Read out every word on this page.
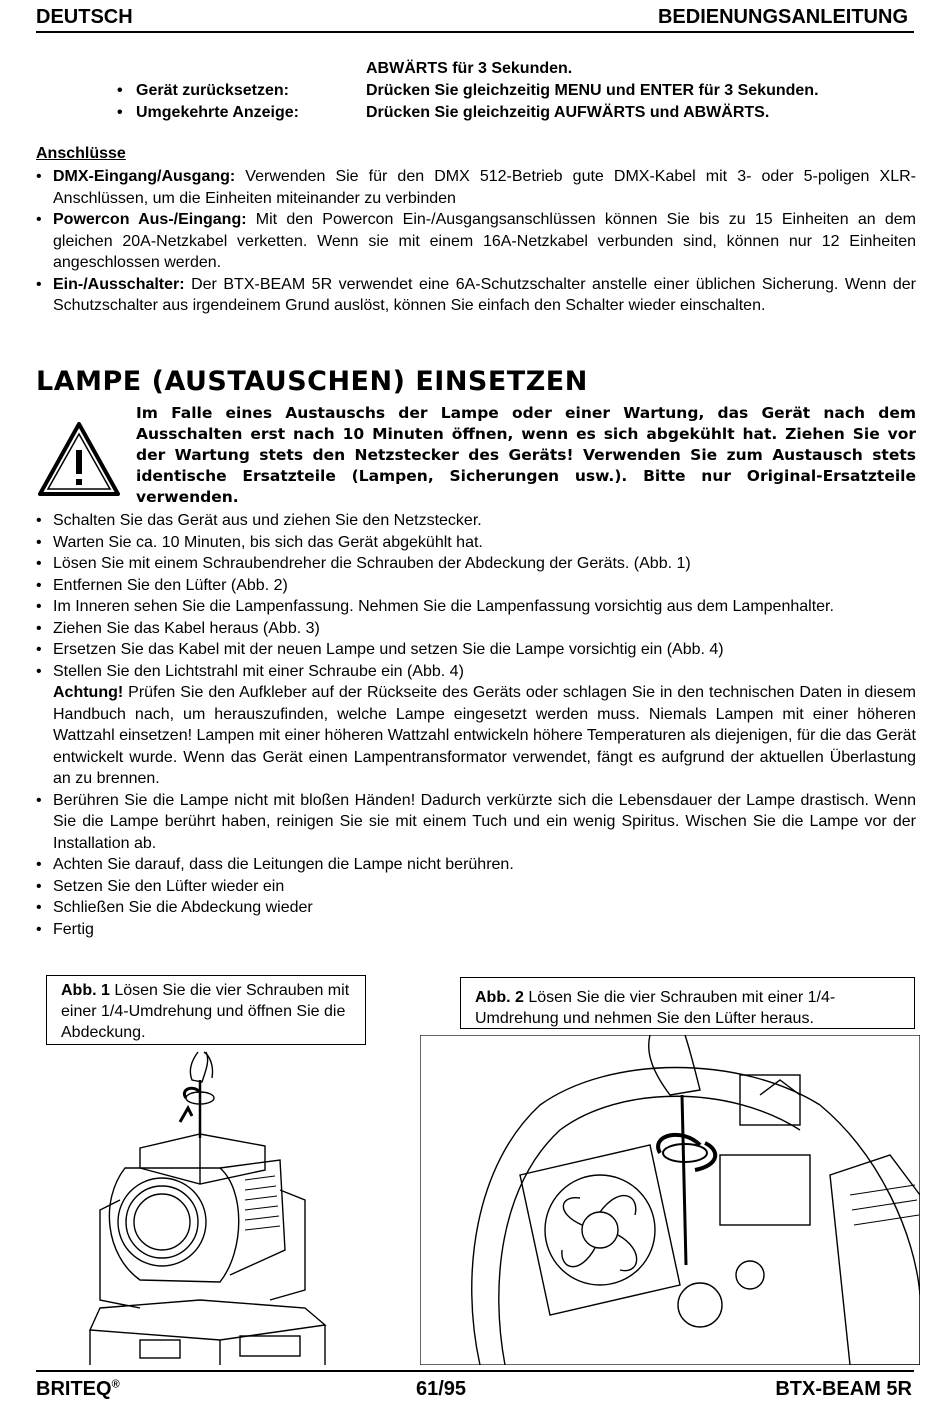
DEUTSCH	BEDIENUNGSANLEITUNG
ABWÄRTS für 3 Sekunden.
• Gerät zurücksetzen:	Drücken Sie gleichzeitig MENU und ENTER für 3 Sekunden.
• Umgekehrte Anzeige:	Drücken Sie gleichzeitig AUFWÄRTS und ABWÄRTS.
Anschlüsse
• DMX-Eingang/Ausgang: Verwenden Sie für den DMX 512-Betrieb gute DMX-Kabel mit 3- oder 5-poligen XLR-Anschlüssen, um die Einheiten miteinander zu verbinden
• Powercon Aus-/Eingang: Mit den Powercon Ein-/Ausgangsanschlüssen können Sie bis zu 15 Einheiten an dem gleichen 20A-Netzkabel verketten. Wenn sie mit einem 16A-Netzkabel verbunden sind, können nur 12 Einheiten angeschlossen werden.
• Ein-/Ausschalter: Der BTX-BEAM 5R verwendet eine 6A-Schutzschalter anstelle einer üblichen Sicherung. Wenn der Schutzschalter aus irgendeinem Grund auslöst, können Sie einfach den Schalter wieder einschalten.
LAMPE (AUSTAUSCHEN) EINSETZEN
Im Falle eines Austauschs der Lampe oder einer Wartung, das Gerät nach dem Ausschalten erst nach 10 Minuten öffnen, wenn es sich abgekühlt hat. Ziehen Sie vor der Wartung stets den Netzstecker des Geräts! Verwenden Sie zum Austausch stets identische Ersatzteile (Lampen, Sicherungen usw.). Bitte nur Original-Ersatzteile verwenden.
• Schalten Sie das Gerät aus und ziehen Sie den Netzstecker.
• Warten Sie ca. 10 Minuten, bis sich das Gerät abgekühlt hat.
• Lösen Sie mit einem Schraubendreher die Schrauben der Abdeckung der Geräts. (Abb. 1)
• Entfernen Sie den Lüfter (Abb. 2)
• Im Inneren sehen Sie die Lampenfassung. Nehmen Sie die Lampenfassung vorsichtig aus dem Lampenhalter.
• Ziehen Sie das Kabel heraus (Abb. 3)
• Ersetzen Sie das Kabel mit der neuen Lampe und setzen Sie die Lampe vorsichtig ein (Abb. 4)
• Stellen Sie den Lichtstrahl mit einer Schraube ein (Abb. 4)
Achtung! Prüfen Sie den Aufkleber auf der Rückseite des Geräts oder schlagen Sie in den technischen Daten in diesem Handbuch nach, um herauszufinden, welche Lampe eingesetzt werden muss. Niemals Lampen mit einer höheren Wattzahl einsetzen! Lampen mit einer höheren Wattzahl entwickeln höhere Temperaturen als diejenigen, für die das Gerät entwickelt wurde. Wenn das Gerät einen Lampentransformator verwendet, fängt es aufgrund der aktuellen Überlastung an zu brennen.
• Berühren Sie die Lampe nicht mit bloßen Händen! Dadurch verkürzte sich die Lebensdauer der Lampe drastisch. Wenn Sie die Lampe berührt haben, reinigen Sie sie mit einem Tuch und ein wenig Spiritus. Wischen Sie die Lampe vor der Installation ab.
• Achten Sie darauf, dass die Leitungen die Lampe nicht berühren.
• Setzen Sie den Lüfter wieder ein
• Schließen Sie die Abdeckung wieder
• Fertig
Abb. 1 Lösen Sie die vier Schrauben mit einer 1/4-Umdrehung und öffnen Sie die Abdeckung.
Abb. 2 Lösen Sie die vier Schrauben mit einer 1/4-Umdrehung und nehmen Sie den Lüfter heraus.
BRITEQ®	61/95	BTX-BEAM 5R
